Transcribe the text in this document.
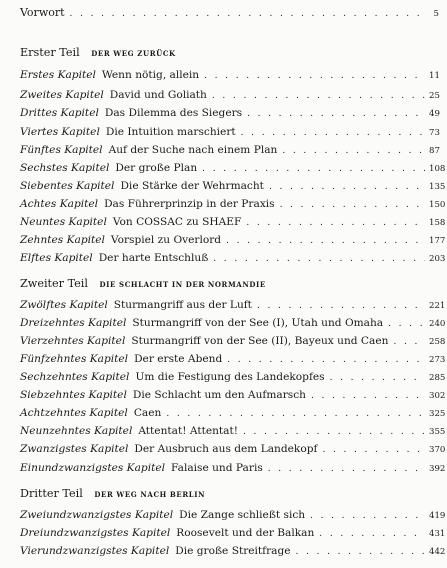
Vorwort . . .	5
Erster Teil DER WEG ZURÜCK
Erstes Kapitel Wenn nötig, allein . . .	11
Zweites Kapitel David und Goliath . . .	25
Drittes Kapitel Das Dilemma des Siegers . . .	49
Viertes Kapitel Die Intuition marschiert . . .	73
Fünftes Kapitel Auf der Suche nach einem Plan . . .	87
Sechstes Kapitel Der große Plan . . .	108
Siebentes Kapitel Die Stärke der Wehrmacht . . .	135
Achtes Kapitel Das Führerprinzip in der Praxis . . .	150
Neuntes Kapitel Von COSSAC zu SHAEF . . .	158
Zehntes Kapitel Vorspiel zu Overlord . . .	177
Elftes Kapitel Der harte Entschluß . . .	203
Zweiter Teil DIE SCHLACHT IN DER NORMANDIE
Zwölftes Kapitel Sturmangriff aus der Luft . . .	221
Dreizehntes Kapitel Sturmangriff von der See (I), Utah und Omaha . . .	240
Vierzehntes Kapitel Sturmangriff von der See (II), Bayeux und Caen . . .	258
Fünfzehntes Kapitel Der erste Abend . . .	273
Sechzehntes Kapitel Um die Festigung des Landekopfes . . .	285
Siebzehntes Kapitel Die Schlacht um den Aufmarsch . . .	302
Achtzehntes Kapitel Caen . . .	325
Neunzehntes Kapitel Attentat! Attentat! . . .	355
Zwanzigstes Kapitel Der Ausbruch aus dem Landekopf . . .	370
Einundzwanzigstes Kapitel Falaise und Paris . . .	392
Dritter Teil DER WEG NACH BERLIN
Zweiundzwanzigstes Kapitel Die Zange schließt sich . . .	419
Dreiundzwanzigstes Kapitel Roosevelt und der Balkan . . .	431
Vierundzwanzigstes Kapitel Die große Streitfrage . . .	442
